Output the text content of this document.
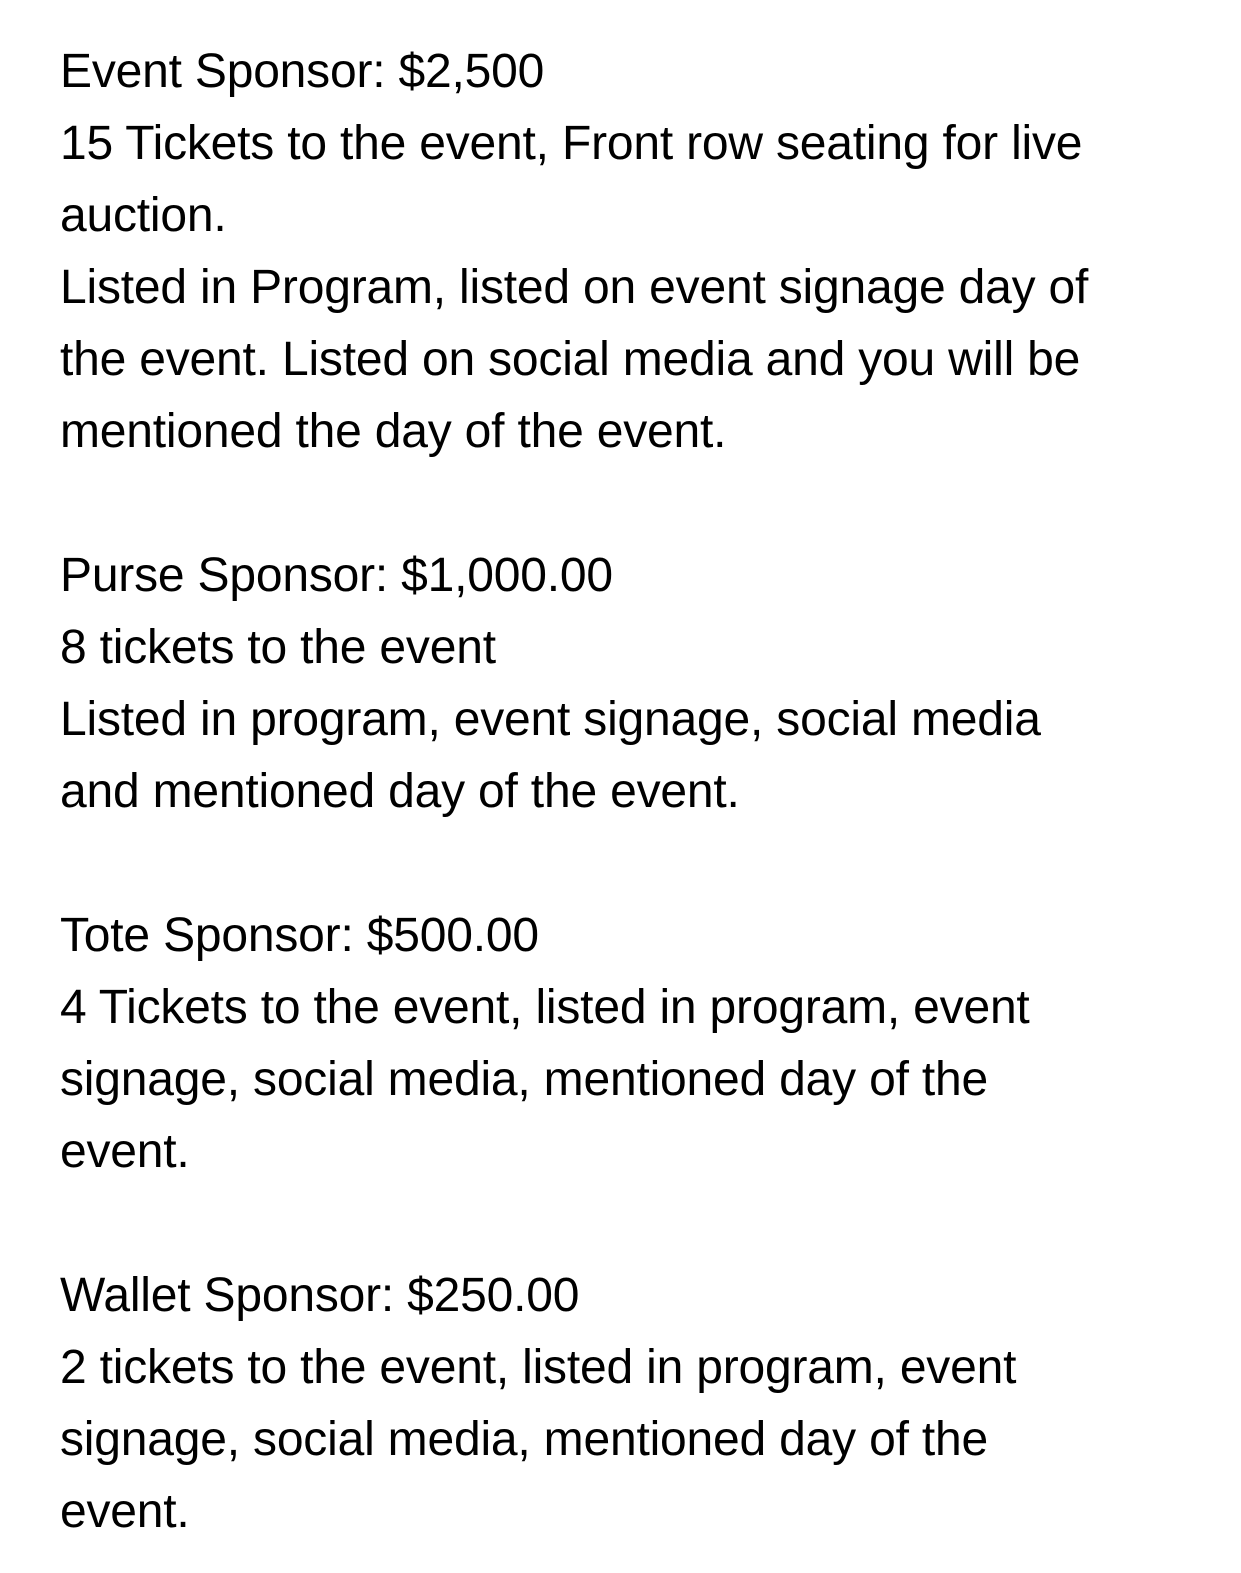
Event Sponsor: $2,500
15 Tickets to the event, Front row seating for live
auction.
Listed in Program, listed on event signage day of
the event. Listed on social media and you will be
mentioned the day of the event.
Purse Sponsor: $1,000.00
8 tickets to the event
Listed in program, event signage, social media
and mentioned day of the event.
Tote Sponsor: $500.00
4 Tickets to the event, listed in program, event
signage, social media, mentioned day of the
event.
Wallet Sponsor: $250.00
2 tickets to the event, listed in program, event
signage, social media, mentioned day of the
event.
